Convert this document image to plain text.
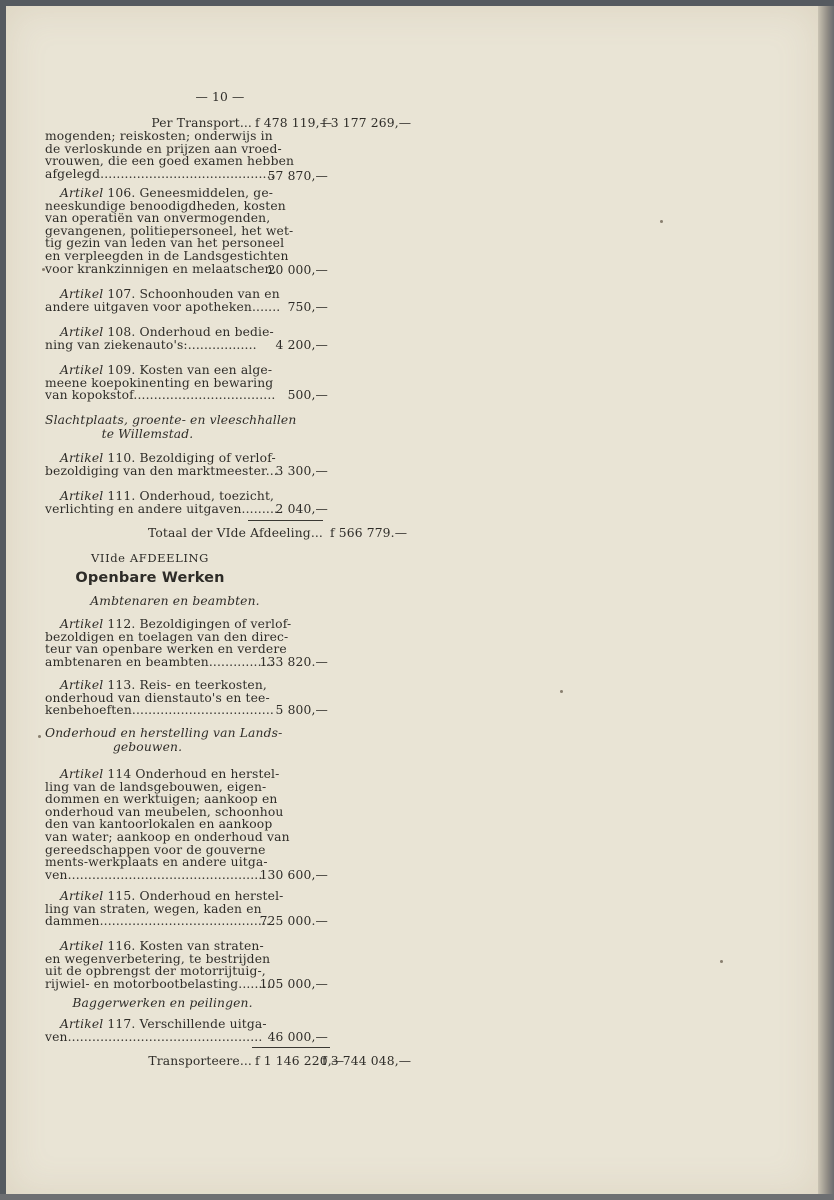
— 10 —
Per Transport... f 478 119,—
f 3 177 269,—
mogenden; reiskosten; onderwijs in
de verloskunde en prijzen aan vroed-
vrouwen, die een goed examen hebben
afgelegd...........................................
57 870,—
Artikel 106. Geneesmiddelen, ge-
neeskundige benoodigdheden, kosten
van operatiën van onvermogenden,
gevangenen, politiepersoneel, het wet-
tig gezin van leden van het personeel
en verpleegden in de Landsgestichten
voor krankzinnigen en melaatschen.
20 000,—
Artikel 107. Schoonhouden van en
andere uitgaven voor apotheken....... 750,—
Artikel 108. Onderhoud en bedie-
ning van ziekenauto's:.................	4 200,—
Artikel 109. Kosten van een alge-
meene koepokinenting en bewaring
van kopokstof................................... 500,—
Slachtplaats, groente- en vleeschhallen
te Willemstad.
Artikel 110. Bezoldiging of verlof-
bezoldiging van den marktmeester...
3 300,—
Artikel 111. Onderhoud, toezicht,
verlichting en andere uitgaven.........
2 040,—
Totaal der VIde Afdeeling... f 566 779.—
VIIde AFDEELING
Openbare Werken
Ambtenaren en beambten.
Artikel 112. Bezoldigingen of verlof-
bezoldigen en toelagen van den direc-
teur van openbare werken en verdere
ambtenaren en beambten................
133 820.—
Artikel 113. Reis- en teerkosten,
onderhoud van dienstauto's en tee-
kenbehoeften................................... 5 800,—
Onderhoud en herstelling van Lands-
gebouwen.
Artikel 114 Onderhoud en herstel-
ling van de landsgebouwen, eigen-
dommen en werktuigen; aankoop en
onderhoud van meubelen, schoonhou
den van kantoorlokalen en aankoop
van water; aankoop en onderhoud van
gereedschappen voor de gouverne
ments-werkplaats en andere uitga-
ven................................................
130 600,—
Artikel 115. Onderhoud en herstel-
ling van straten, wegen, kaden en
dammen..........................................
725 000.—
Artikel 116. Kosten van straten-
en wegenverbetering, te bestrijden
uit de opbrengst der motorrijtuig-,
rijwiel- en motorbootbelasting.........
105 000,—
Baggerwerken en peilingen.
Artikel 117. Verschillende uitga-
ven................................................ 46 000,—
Transporteere... f 1 146 220,—
f 3 744 048,—
